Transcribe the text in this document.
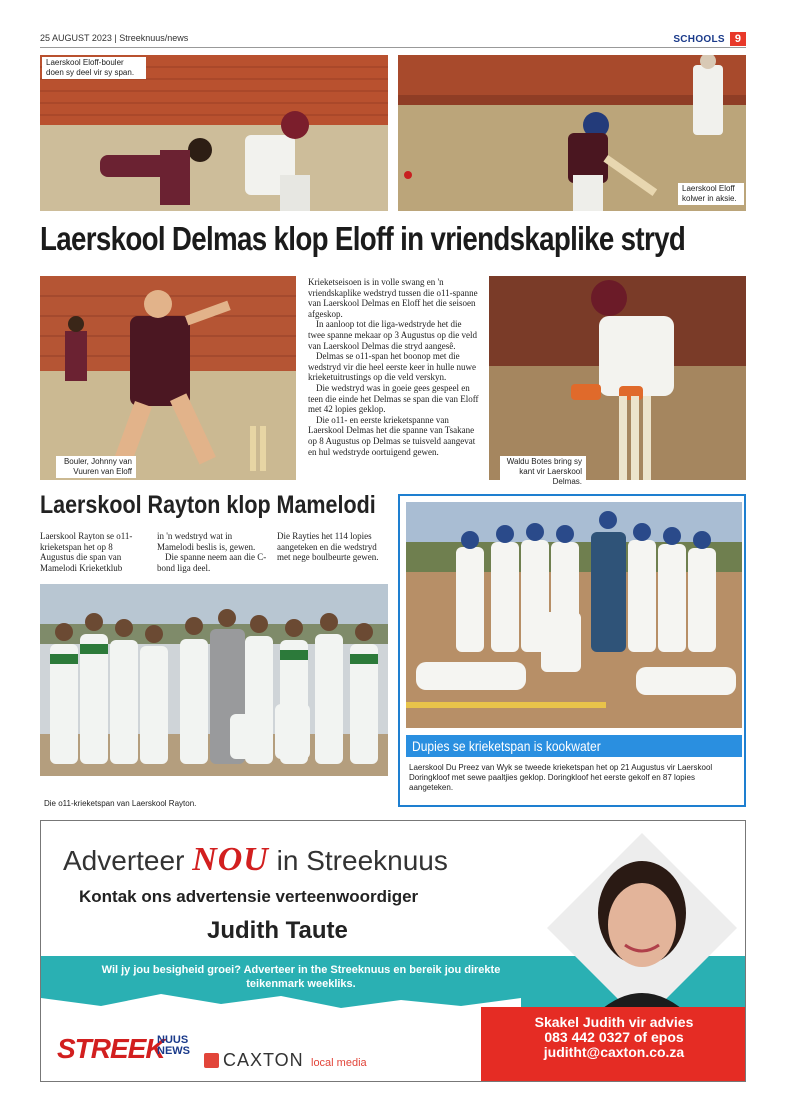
25 AUGUST 2023 | Streeknuus/news	SCHOOLS 9
Laerskool Eloff-bouler doen sy deel vir sy span.
Laerskool Eloff kolwer in aksie.
Laerskool Delmas klop Eloff in vriendskaplike stryd
Bouler, Johnny van Vuuren van Eloff

Krieketseisoen is in volle swang en 'n vriendskaplike wedstryd tussen die o11-spanne van Laerskool Delmas en Eloff het die seisoen afgeskop.

In aanloop tot die liga-wedstryde het die twee spanne mekaar op 3 Augustus op die veld van Laerskool Delmas die stryd aangesê.

Delmas se o11-span het boonop met die wedstryd vir die heel eerste keer in hulle nuwe krieketuitrustings op die veld verskyn.

Die wedstryd was in goeie gees gespeel en teen die einde het Delmas se span die van Eloff met 42 lopies geklop.

Die o11- en eerste krieketspanne van Laerskool Delmas het die spanne van Tsakane op 8 Augustus op Delmas se tuisveld aangevat en hul wedstryde oortuigend gewen.

Waldu Botes bring sy kant vir Laerskool Delmas.
Laerskool Rayton klop Mamelodi
Laerskool Rayton se o11-krieketspan het op 8 Augustus die span van Mamelodi Krieketklub

in 'n wedstryd wat in Mamelodi beslis is, gewen.

Die spanne neem aan die C-bond liga deel.

Die Rayties het 114 lopies aangeteken en die wedstryd met nege boulbeurte gewen.
Die o11-krieketspan van Laerskool Rayton.
Dupies se krieketspan is kookwater
Laerskool Du Preez van Wyk se tweede krieketspan het op 21 Augustus vir Laerskool Doringkloof met sewe paaltjies geklop. Doringkloof het eerste gekolf en 87 lopies aangeteken.
Adverteer NOU in Streeknuus
Kontak ons advertensie verteenwoordiger
Judith Taute
Wil jy jou besigheid groei? Adverteer in the Streeknuus en bereik jou direkte teikenmark weekliks.
Skakel Judith vir advies
083 442 0327 of epos
juditht@caxton.co.za
STREEK
NUUS
NEWS CAXTON local media
